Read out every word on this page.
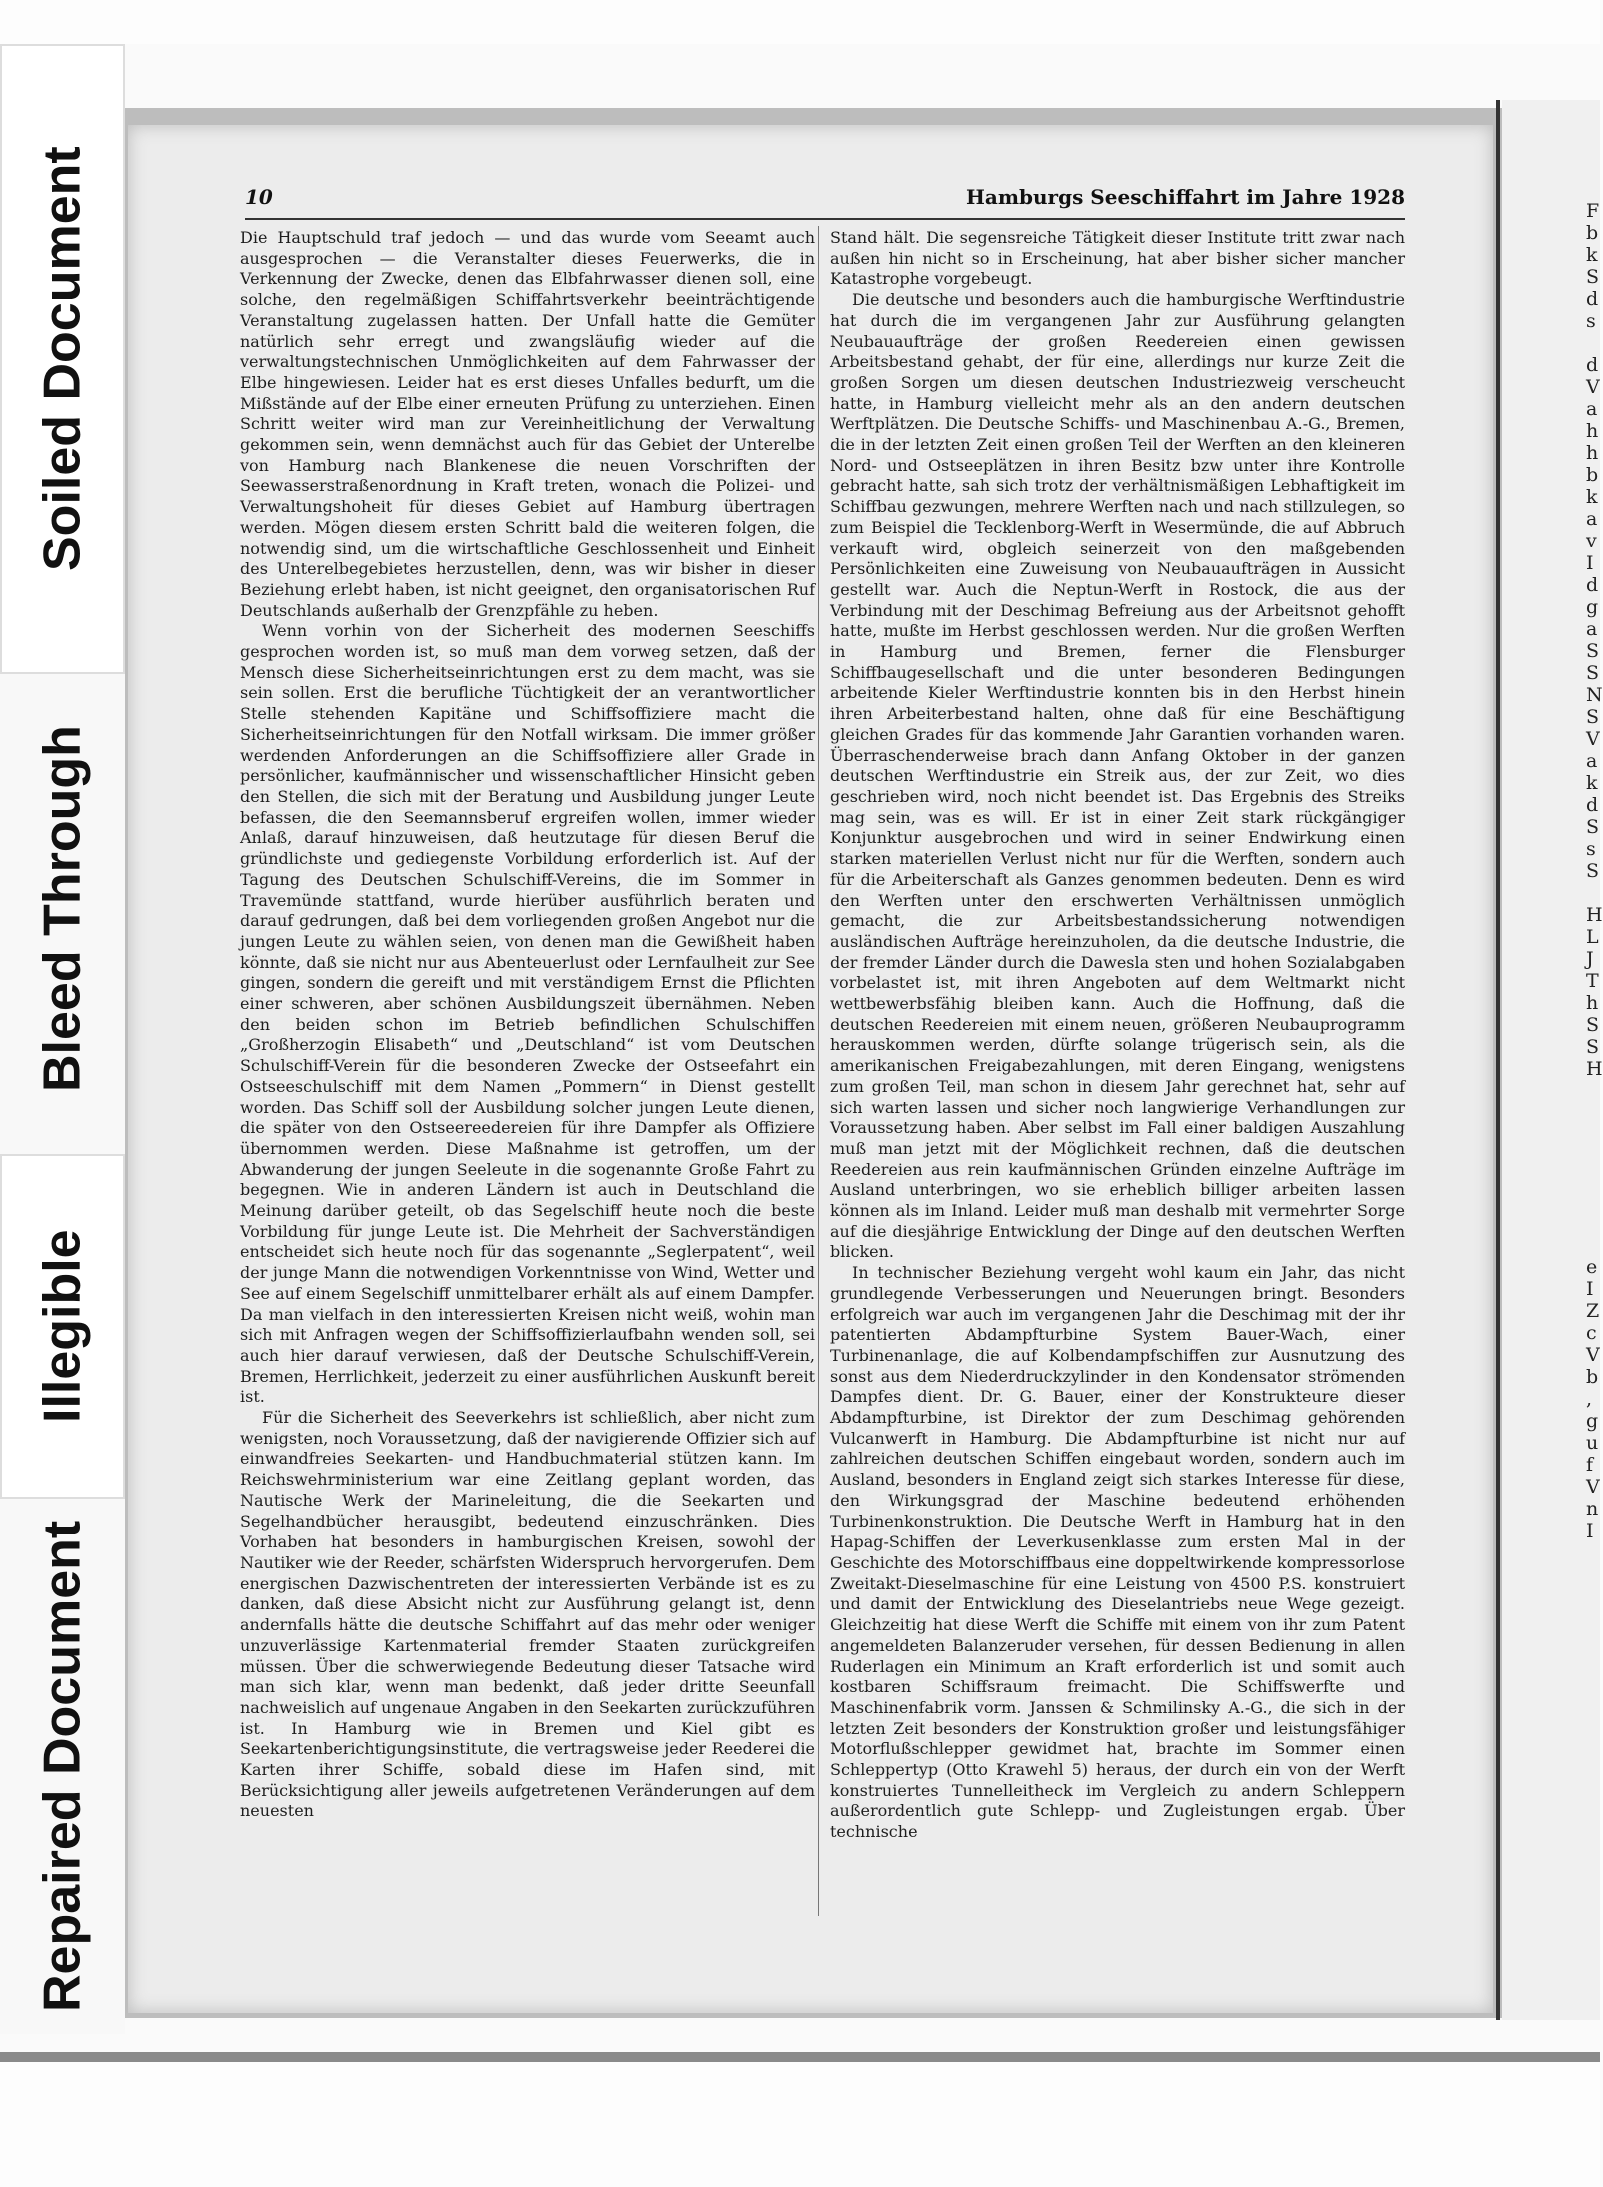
F
b
k
S
d
s
d
V
a
h
h
b
k
a
v
I
d
g
a
S
S
N
S
V
a
k
d
S
s
S
H
L
J
T
h
S
S
H
e
I
Z
c
V
b
,
g
u
f
V
n
I
Soiled Document
Bleed Through
Illegible
Repaired Document
10	Hamburgs Seeschiffahrt im Jahre 1928

Die Hauptschuld traf jedoch — und das wurde vom Seeamt auch ausgesprochen — die Veranstalter dieses Feuerwerks, die in Verkennung der Zwecke, denen das Elbfahrwasser dienen soll, eine solche, den regelmäßigen Schiffahrtsverkehr beeinträchtigende Veranstaltung zugelassen hatten. Der Unfall hatte die Gemüter natürlich sehr erregt und zwangsläufig wieder auf die verwaltungstechnischen Unmöglichkeiten auf dem Fahrwasser der Elbe hingewiesen. Leider hat es erst dieses Unfalles bedurft, um die Mißstände auf der Elbe einer erneuten Prüfung zu unterziehen. Einen Schritt weiter wird man zur Vereinheitlichung der Verwaltung gekommen sein, wenn demnächst auch für das Gebiet der Unterelbe von Hamburg nach Blankenese die neuen Vorschriften der Seewasserstraßenordnung in Kraft treten, wonach die Polizei- und Verwaltungshoheit für dieses Gebiet auf Hamburg übertragen werden. Mögen diesem ersten Schritt bald die weiteren folgen, die notwendig sind, um die wirtschaftliche Geschlossenheit und Einheit des Unterelbegebietes herzustellen, denn, was wir bisher in dieser Beziehung erlebt haben, ist nicht geeignet, den organisatorischen Ruf Deutschlands außerhalb der Grenzpfähle zu heben.

Wenn vorhin von der Sicherheit des modernen Seeschiffs gesprochen worden ist, so muß man dem vorweg setzen, daß der Mensch diese Sicherheitseinrichtungen erst zu dem macht, was sie sein sollen. Erst die berufliche Tüchtigkeit der an verantwortlicher Stelle stehenden Kapitäne und Schiffsoffiziere macht die Sicherheitseinrichtungen für den Notfall wirksam. Die immer größer werdenden Anforderungen an die Schiffsoffiziere aller Grade in persönlicher, kaufmännischer und wissenschaftlicher Hinsicht geben den Stellen, die sich mit der Beratung und Ausbildung junger Leute befassen, die den Seemannsberuf ergreifen wollen, immer wieder Anlaß, darauf hinzuweisen, daß heutzutage für diesen Beruf die gründlichste und gediegenste Vorbildung erforderlich ist. Auf der Tagung des Deutschen Schulschiff-Vereins, die im Sommer in Travemünde stattfand, wurde hierüber ausführlich beraten und darauf gedrungen, daß bei dem vorliegenden großen Angebot nur die jungen Leute zu wählen seien, von denen man die Gewißheit haben könnte, daß sie nicht nur aus Abenteuerlust oder Lernfaulheit zur See gingen, sondern die gereift und mit verständigem Ernst die Pflichten einer schweren, aber schönen Ausbildungszeit übernähmen. Neben den beiden schon im Betrieb befindlichen Schulschiffen „Großherzogin Elisabeth“ und „Deutschland“ ist vom Deutschen Schulschiff-Verein für die besonderen Zwecke der Ostseefahrt ein Ostseeschulschiff mit dem Namen „Pommern“ in Dienst gestellt worden. Das Schiff soll der Ausbildung solcher jungen Leute dienen, die später von den Ostseereedereien für ihre Dampfer als Offiziere übernommen werden. Diese Maßnahme ist getroffen, um der Abwanderung der jungen Seeleute in die sogenannte Große Fahrt zu begegnen. Wie in anderen Ländern ist auch in Deutschland die Meinung darüber geteilt, ob das Segelschiff heute noch die beste Vorbildung für junge Leute ist. Die Mehrheit der Sachverständigen entscheidet sich heute noch für das sogenannte „Seglerpatent“, weil der junge Mann die notwendigen Vorkenntnisse von Wind, Wetter und See auf einem Segelschiff unmittelbarer erhält als auf einem Dampfer. Da man vielfach in den interessierten Kreisen nicht weiß, wohin man sich mit Anfragen wegen der Schiffsoffizierlaufbahn wenden soll, sei auch hier darauf verwiesen, daß der Deutsche Schulschiff-Verein, Bremen, Herrlichkeit, jederzeit zu einer ausführlichen Auskunft bereit ist.

Für die Sicherheit des Seeverkehrs ist schließlich, aber nicht zum wenigsten, noch Voraussetzung, daß der navigierende Offizier sich auf einwandfreies Seekarten- und Handbuchmaterial stützen kann. Im Reichswehrministerium war eine Zeitlang geplant worden, das Nautische Werk der Marineleitung, die die Seekarten und Segelhandbücher herausgibt, bedeutend einzuschränken. Dies Vorhaben hat besonders in hamburgischen Kreisen, sowohl der Nautiker wie der Reeder, schärfsten Widerspruch hervorgerufen. Dem energischen Dazwischentreten der interessierten Verbände ist es zu danken, daß diese Absicht nicht zur Ausführung gelangt ist, denn andernfalls hätte die deutsche Schiffahrt auf das mehr oder weniger unzuverlässige Kartenmaterial fremder Staaten zurückgreifen müssen. Über die schwerwiegende Bedeutung dieser Tatsache wird man sich klar, wenn man bedenkt, daß jeder dritte Seeunfall nachweislich auf ungenaue Angaben in den Seekarten zurückzuführen ist. In Hamburg wie in Bremen und Kiel gibt es Seekartenberichtigungsinstitute, die vertragsweise jeder Reederei die Karten ihrer Schiffe, sobald diese im Hafen sind, mit Berücksichtigung aller jeweils aufgetretenen Veränderungen auf dem neuesten

Stand hält. Die segensreiche Tätigkeit dieser Institute tritt zwar nach außen hin nicht so in Erscheinung, hat aber bisher sicher mancher Katastrophe vorgebeugt.

Die deutsche und besonders auch die hamburgische Werftindustrie hat durch die im vergangenen Jahr zur Ausführung gelangten Neubauaufträge der großen Reedereien einen gewissen Arbeitsbestand gehabt, der für eine, allerdings nur kurze Zeit die großen Sorgen um diesen deutschen Industriezweig verscheucht hatte, in Hamburg vielleicht mehr als an den andern deutschen Werftplätzen. Die Deutsche Schiffs- und Maschinenbau A.-G., Bremen, die in der letzten Zeit einen großen Teil der Werften an den kleineren Nord- und Ostseeplätzen in ihren Besitz bzw unter ihre Kontrolle gebracht hatte, sah sich trotz der verhältnismäßigen Lebhaftigkeit im Schiffbau gezwungen, mehrere Werften nach und nach stillzulegen, so zum Beispiel die Tecklenborg-Werft in Wesermünde, die auf Abbruch verkauft wird, obgleich seinerzeit von den maßgebenden Persönlichkeiten eine Zuweisung von Neubauaufträgen in Aussicht gestellt war. Auch die Neptun-Werft in Rostock, die aus der Verbindung mit der Deschimag Befreiung aus der Arbeitsnot gehofft hatte, mußte im Herbst geschlossen werden. Nur die großen Werften in Hamburg und Bremen, ferner die Flensburger Schiffbaugesellschaft und die unter besonderen Bedingungen arbeitende Kieler Werftindustrie konnten bis in den Herbst hinein ihren Arbeiterbestand halten, ohne daß für eine Beschäftigung gleichen Grades für das kommende Jahr Garantien vorhanden waren. Überraschenderweise brach dann Anfang Oktober in der ganzen deutschen Werftindustrie ein Streik aus, der zur Zeit, wo dies geschrieben wird, noch nicht beendet ist. Das Ergebnis des Streiks mag sein, was es will. Er ist in einer Zeit stark rückgängiger Konjunktur ausgebrochen und wird in seiner Endwirkung einen starken materiellen Verlust nicht nur für die Werften, sondern auch für die Arbeiterschaft als Ganzes genommen bedeuten. Denn es wird den Werften unter den erschwerten Verhältnissen unmöglich gemacht, die zur Arbeitsbestandssicherung notwendigen ausländischen Aufträge hereinzuholen, da die deutsche Industrie, die der fremder Länder durch die Dawesla sten und hohen Sozialabgaben vorbelastet ist, mit ihren Angeboten auf dem Weltmarkt nicht wettbewerbsfähig bleiben kann. Auch die Hoffnung, daß die deutschen Reedereien mit einem neuen, größeren Neubauprogramm herauskommen werden, dürfte solange trügerisch sein, als die amerikanischen Freigabezahlungen, mit deren Eingang, wenigstens zum großen Teil, man schon in diesem Jahr gerechnet hat, sehr auf sich warten lassen und sicher noch langwierige Verhandlungen zur Voraussetzung haben. Aber selbst im Fall einer baldigen Auszahlung muß man jetzt mit der Möglichkeit rechnen, daß die deutschen Reedereien aus rein kaufmännischen Gründen einzelne Aufträge im Ausland unterbringen, wo sie erheblich billiger arbeiten lassen können als im Inland. Leider muß man deshalb mit vermehrter Sorge auf die diesjährige Entwicklung der Dinge auf den deutschen Werften blicken.

In technischer Beziehung vergeht wohl kaum ein Jahr, das nicht grundlegende Verbesserungen und Neuerungen bringt. Besonders erfolgreich war auch im vergangenen Jahr die Deschimag mit der ihr patentierten Abdampfturbine System Bauer-Wach, einer Turbinenanlage, die auf Kolbendampfschiffen zur Ausnutzung des sonst aus dem Niederdruckzylinder in den Kondensator strömenden Dampfes dient. Dr. G. Bauer, einer der Konstrukteure dieser Abdampfturbine, ist Direktor der zum Deschimag gehörenden Vulcanwerft in Hamburg. Die Abdampfturbine ist nicht nur auf zahlreichen deutschen Schiffen eingebaut worden, sondern auch im Ausland, besonders in England zeigt sich starkes Interesse für diese, den Wirkungsgrad der Maschine bedeutend erhöhenden Turbinenkonstruktion. Die Deutsche Werft in Hamburg hat in den Hapag-Schiffen der Leverkusenklasse zum ersten Mal in der Geschichte des Motorschiffbaus eine doppeltwirkende kompressorlose Zweitakt-Dieselmaschine für eine Leistung von 4500 P.S. konstruiert und damit der Entwicklung des Dieselantriebs neue Wege gezeigt. Gleichzeitig hat diese Werft die Schiffe mit einem von ihr zum Patent angemeldeten Balanzeruder versehen, für dessen Bedienung in allen Ruderlagen ein Minimum an Kraft erforderlich ist und somit auch kostbaren Schiffsraum freimacht. Die Schiffswerfte und Maschinenfabrik vorm. Janssen & Schmilinsky A.-G., die sich in der letzten Zeit besonders der Konstruktion großer und leistungsfähiger Motorflußschlepper gewidmet hat, brachte im Sommer einen Schleppertyp (Otto Krawehl 5) heraus, der durch ein von der Werft konstruiertes Tunnelleitheck im Vergleich zu andern Schleppern außerordentlich gute Schlepp- und Zugleistungen ergab. Über technische
